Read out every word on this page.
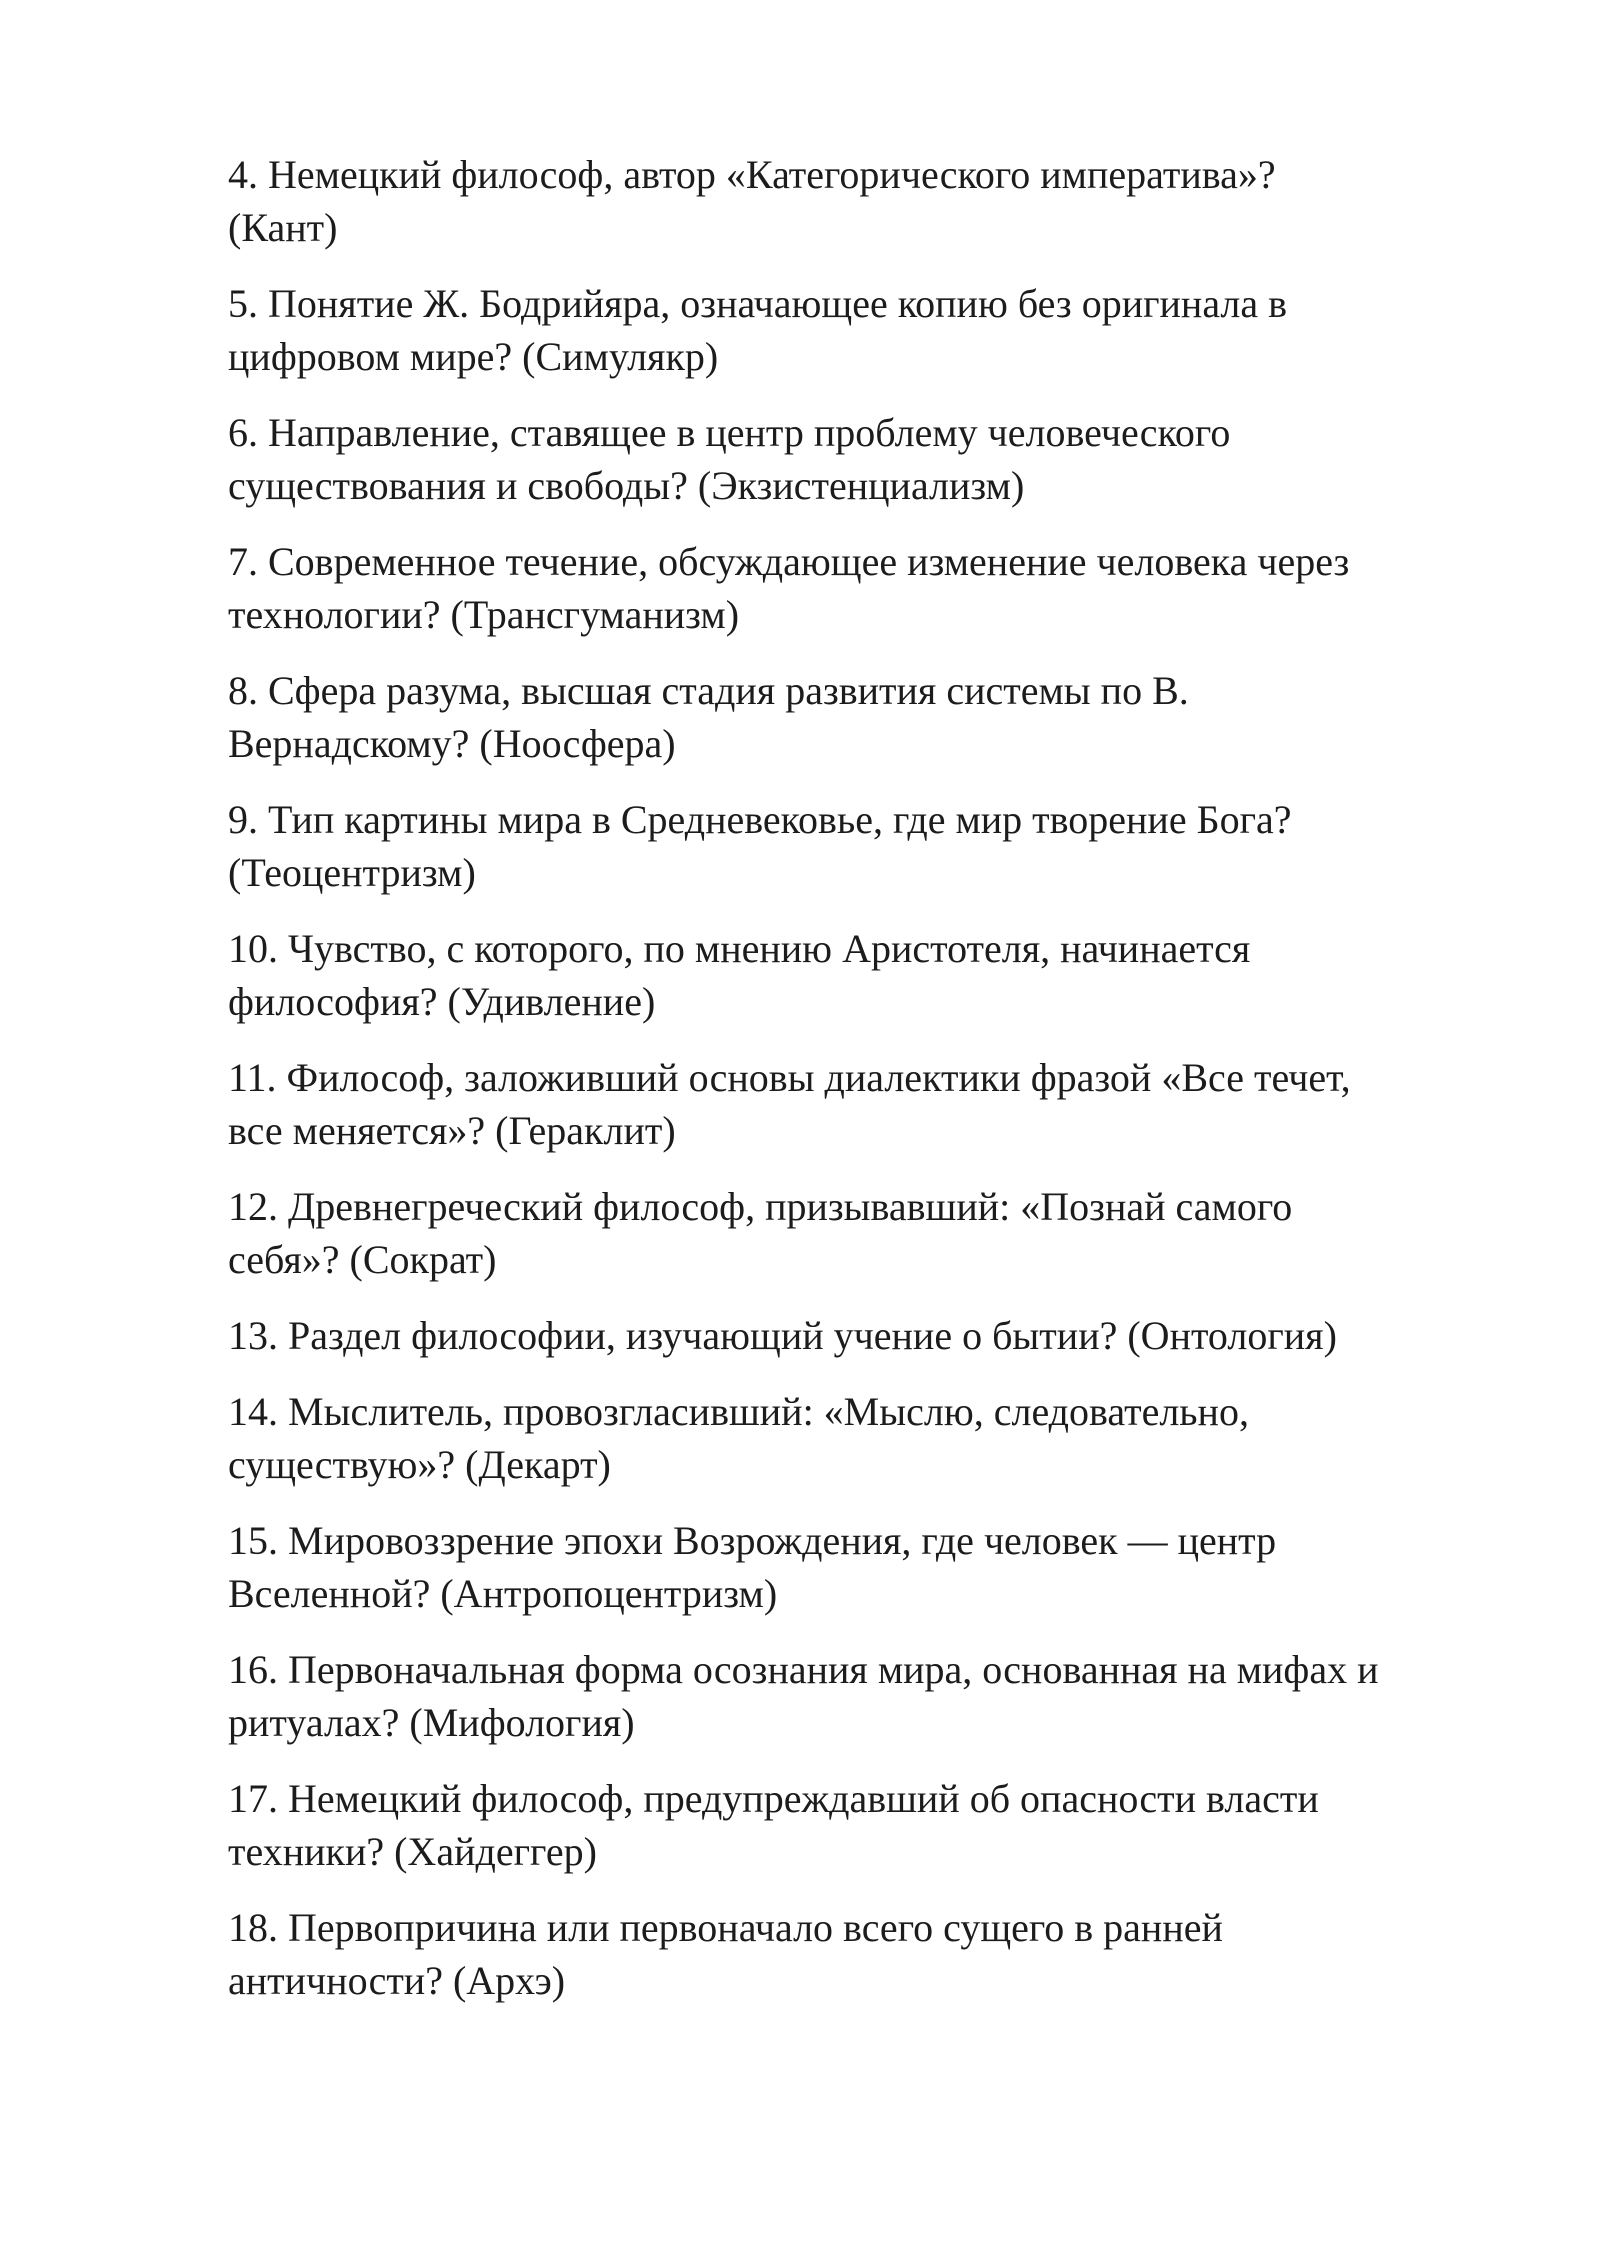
4. Немецкий философ, автор «Категорического императива»?
(Кант)

5. Понятие Ж. Бодрийяра, означающее копию без оригинала в
цифровом мире? (Симулякр)

6. Направление, ставящее в центр проблему человеческого
существования и свободы? (Экзистенциализм)

7. Современное течение, обсуждающее изменение человека через
технологии? (Трансгуманизм)

8. Сфера разума, высшая стадия развития системы по В.
Вернадскому? (Ноосфера)

9. Тип картины мира в Средневековье, где мир творение Бога?
(Теоцентризм)

10. Чувство, с которого, по мнению Аристотеля, начинается
философия? (Удивление)

11. Философ, заложивший основы диалектики фразой «Все течет,
все меняется»? (Гераклит)

12. Древнегреческий философ, призывавший: «Познай самого
себя»? (Сократ)

13. Раздел философии, изучающий учение о бытии? (Онтология)

14. Мыслитель, провозгласивший: «Мыслю, следовательно,
существую»? (Декарт)

15. Мировоззрение эпохи Возрождения, где человек — центр
Вселенной? (Антропоцентризм)

16. Первоначальная форма осознания мира, основанная на мифах и
ритуалах? (Мифология)

17. Немецкий философ, предупреждавший об опасности власти
техники? (Хайдеггер)

18. Первопричина или первоначало всего сущего в ранней
античности? (Архэ)
